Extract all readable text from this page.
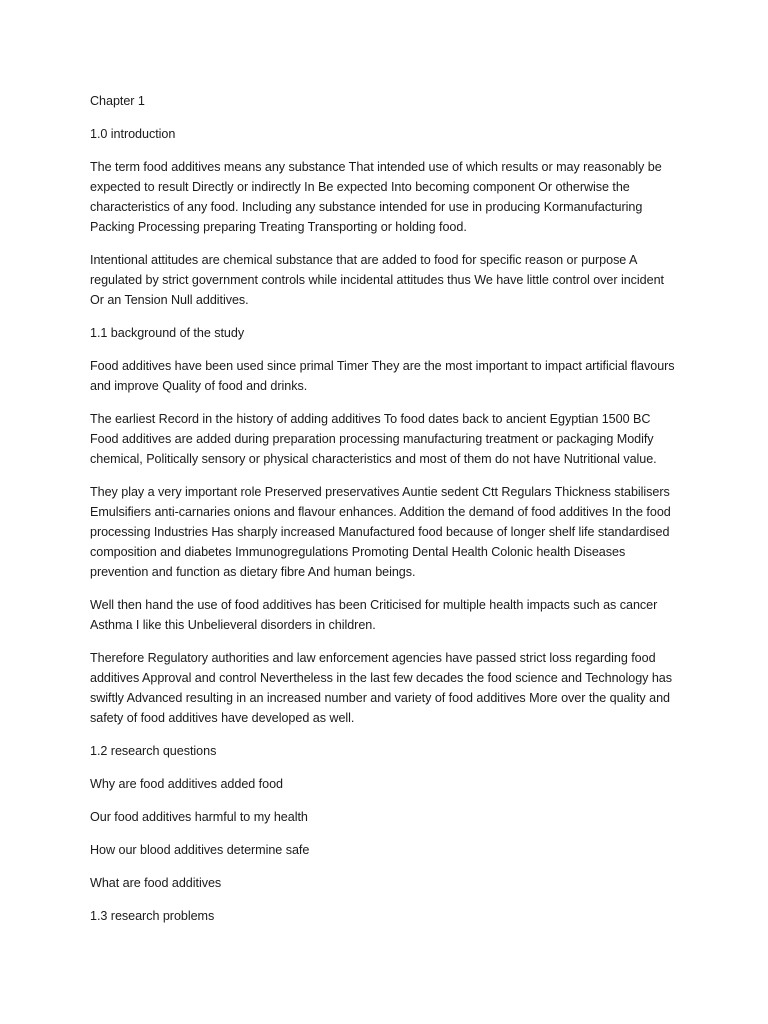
Chapter 1

1.0 introduction

The term food additives means any substance That intended use of which results or may reasonably be expected to result Directly or indirectly In Be expected Into becoming component Or otherwise the characteristics of any food. Including any substance intended for use in producing Kormanufacturing Packing Processing preparing Treating Transporting or holding food.

Intentional attitudes are chemical substance that are added to food for specific reason or purpose A regulated by strict government controls while incidental attitudes thus We have little control over incident Or an Tension Null additives.

1.1 background of the study

Food additives have been used since primal Timer They are the most important to impact artificial flavours and improve Quality of food and drinks.

The earliest Record in the history of adding additives To food dates back to ancient Egyptian 1500 BC Food additives are added during preparation processing manufacturing treatment or packaging Modify chemical, Politically sensory or physical characteristics and most of them do not have Nutritional value.

They play a very important role Preserved preservatives Auntie sedent Ctt Regulars Thickness stabilisers Emulsifiers anti-carnaries onions and flavour enhances. Addition the demand of food additives In the food processing Industries Has sharply increased Manufactured food because of longer shelf life standardised composition and diabetes Immunogregulations Promoting Dental Health Colonic health Diseases prevention and function as dietary fibre And human beings.

Well then hand the use of food additives has been Criticised for multiple health impacts such as cancer Asthma I like this Unbelieveral disorders in children.

Therefore Regulatory authorities and law enforcement agencies have passed strict loss regarding food additives Approval and control Nevertheless in the last few decades the food science and Technology has swiftly Advanced resulting in an increased number and variety of food additives More over the quality and safety of food additives have developed as well.

1.2 research questions

Why are food additives added food

Our food additives harmful to my health

How our blood additives determine safe

What are food additives

1.3 research problems
